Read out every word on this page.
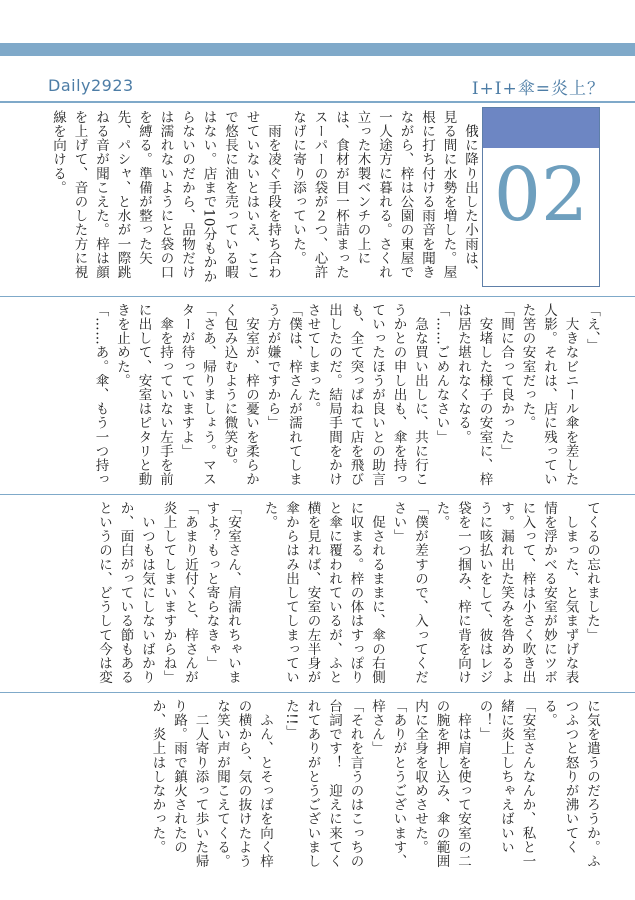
Daily2923	I+I+傘=炎上？
02
　俄に降り出した小雨は、見る間に水勢を増した。屋根に打ち付ける雨音を聞きながら、梓は公園の東屋で一人途方に暮れる。さくれ立った木製ベンチの上には、食材が目一杯詰まったスーパーの袋が２つ、心許なげに寄り添っていた。
　雨を凌ぐ手段を持ち合わせていないとはいえ、ここで悠長に油を売っている暇はない。店まで10分もかからないのだから、品物だけは濡れないようにと袋の口を縛る。準備が整った矢先、パシャ、と水が一際跳ねる音が聞こえた。梓は顔を上げて、音のした方に視線を向ける。
「え、」
　大きなビニール傘を差した人影。それは、店に残っていた筈の安室だった。
「間に合って良かった」
　安堵した様子の安室に、梓は居た堪れなくなる。
「……ごめんなさい」
　急な買い出しに、共に行こうかとの申し出も、傘を持っていったほうが良いとの助言も、全て突っぱねて店を飛び出したのだ。結局手間をかけさせてしまった。
「僕は、梓さんが濡れてしまう方が嫌ですから」
　安室が、梓の憂いを柔らかく包み込むように微笑む。
「さあ、帰りましょう。マスターが待っていますよ」
　傘を持っていない左手を前に出して、安室はピタリと動きを止めた。
「……あ。傘、もう一つ持っ
てくるの忘れました」
　しまった、と気まずげな表情を浮かべる安室が妙にツボに入って、梓は小さく吹き出す。漏れ出た笑みを咎めるように咳払いをして、彼はレジ袋を一つ掴み、梓に背を向けた。
「僕が差すので、入ってください」
　促されるままに、傘の右側に収まる。梓の体はすっぽりと傘に覆われているが、ふと横を見れば、安室の左半身が傘からはみ出してしまっていた。
「安室さん、肩濡れちゃいますよ？もっと寄らなきゃ」
「あまり近付くと、梓さんが炎上してしまいますからね」
　いつもは気にしないばかりか、面白がっている節もあるというのに、どうして今は変
に気を遣うのだろうか。ふつふつと怒りが沸いてくる。
「安室さんなんか、私と一緒に炎上しちゃえばいいの！」
　梓は肩を使って安室の二の腕を押し込み、傘の範囲内に全身を収めさせた。
「ありがとうございます、梓さん」
「それを言うのはこっちの台詞です！　迎えに来てくれてありがとうございました!!」
　ふん、とそっぽを向く梓の横から、気の抜けたような笑い声が聞こえてくる。
　二人寄り添って歩いた帰り路。雨で鎮火されたのか、炎上はしなかった。
